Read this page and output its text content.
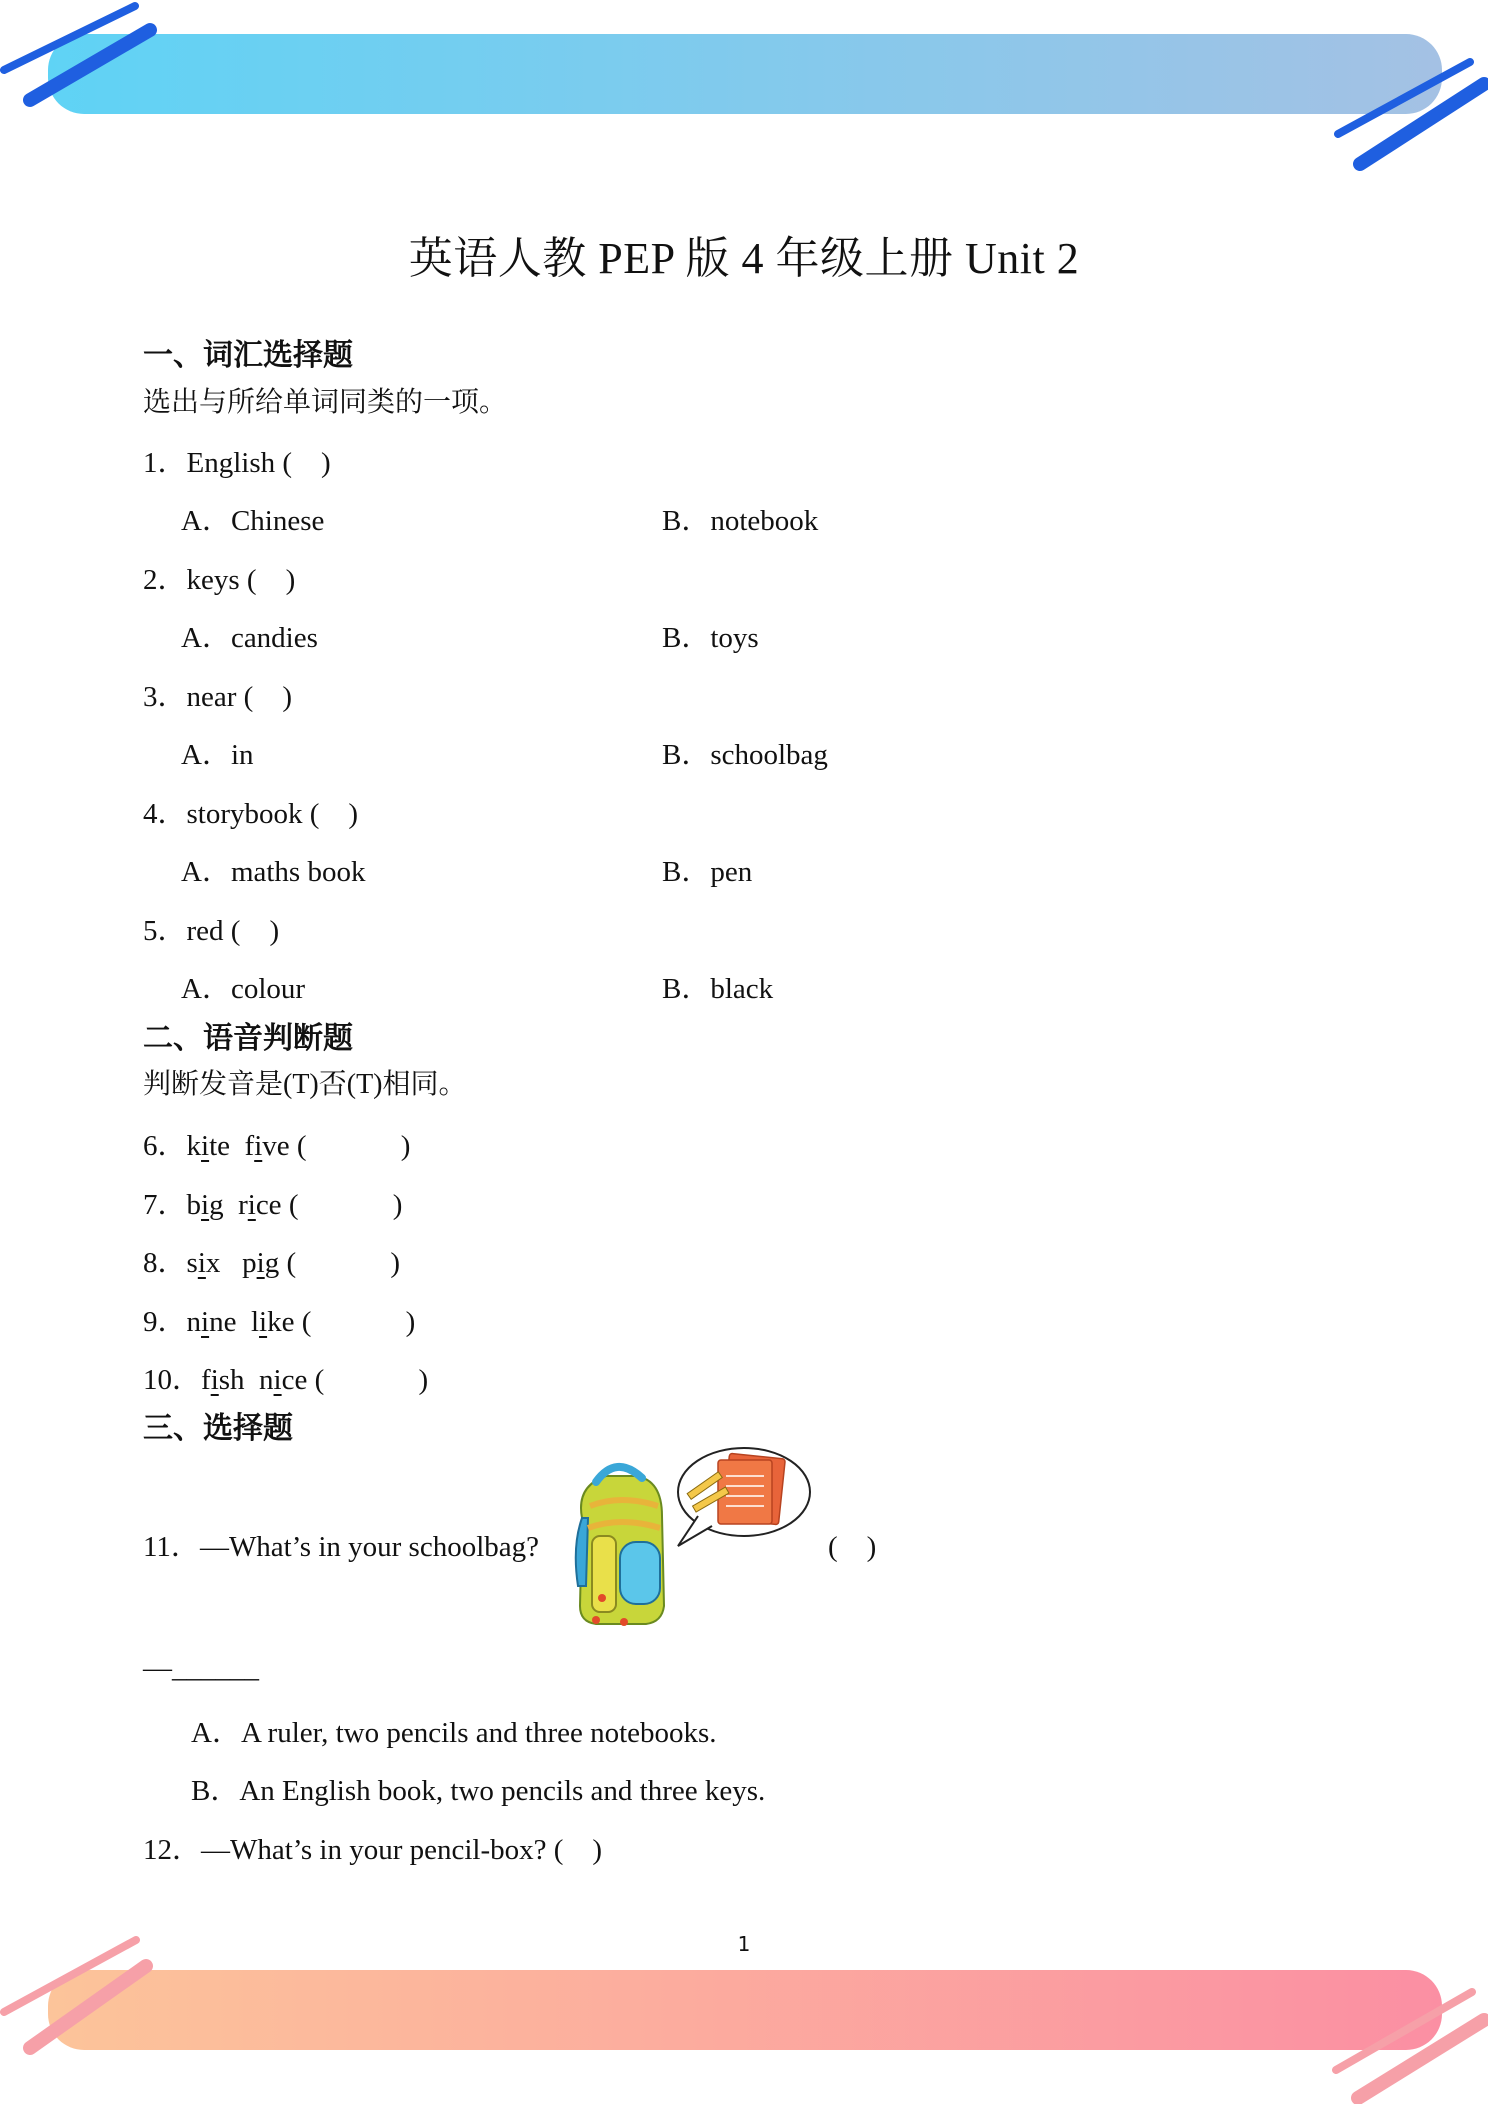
英语人教 PEP 版 4 年级上册 Unit 2
一、词汇选择题
选出与所给单词同类的一项。
1．English (　)
A．Chinese	B．notebook
2．keys (　)
A．candies	B．toys
3．near (　)
A．in	B．schoolbag
4．storybook (　)
A．maths book	B．pen
5．red (　)
A．colour	B．black
二、语音判断题
判断发音是(T)否(T)相同。
6．kite five (　　　 )
7．big rice (　　　 )
8．six pig (　　　 )
9．nine like (　　　 )
10．fish nice (　　　 )
三、选择题
11．—What’s in your schoolbag?	(　)
—______
A．A ruler, two pencils and three notebooks.
B．An English book, two pencils and three keys.
12．—What’s in your pencil-box? (　)
1
